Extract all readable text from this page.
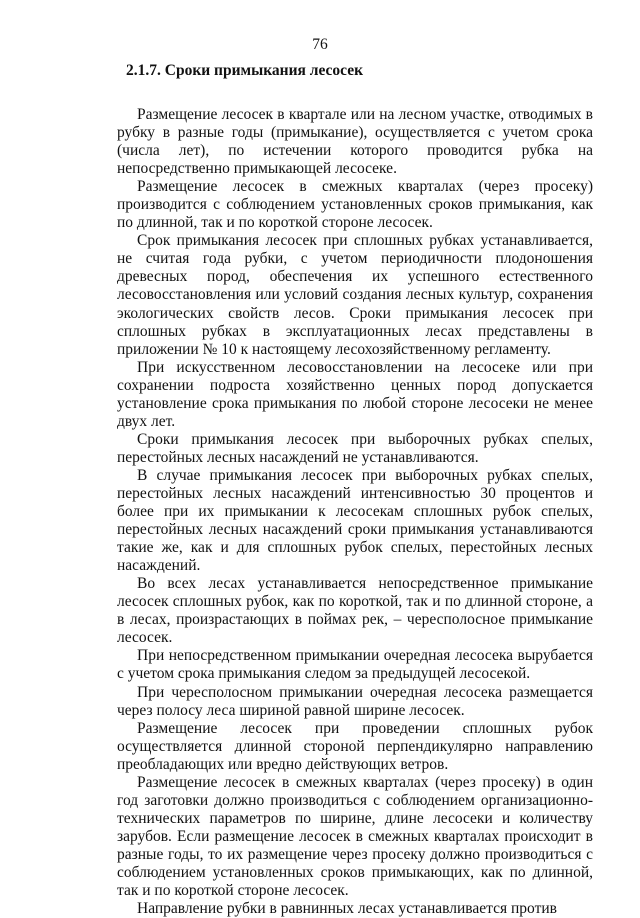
76
2.1.7. Сроки примыкания лесосек

Размещение лесосек в квартале или на лесном участке, отводимых в рубку в разные годы (примыкание), осуществляется с учетом срока (числа лет), по истечении которого проводится рубка на непосредственно примыкающей лесосеке.

Размещение лесосек в смежных кварталах (через просеку) производится с соблюдением установленных сроков примыкания, как по длинной, так и по короткой стороне лесосек.

Срок примыкания лесосек при сплошных рубках устанавливается, не считая года рубки, с учетом периодичности плодоношения древесных пород, обеспечения их успешного естественного лесовосстановления или условий создания лесных культур, сохранения экологических свойств лесов. Сроки примыкания лесосек при сплошных рубках в эксплуатационных лесах представлены в приложении № 10 к настоящему лесохозяйственному регламенту.

При искусственном лесовосстановлении на лесосеке или при сохранении подроста хозяйственно ценных пород допускается установление срока примыкания по любой стороне лесосеки не менее двух лет.

Сроки примыкания лесосек при выборочных рубках спелых, перестойных лесных насаждений не устанавливаются.

В случае примыкания лесосек при выборочных рубках спелых, перестойных лесных насаждений интенсивностью 30 процентов и более при их примыкании к лесосекам сплошных рубок спелых, перестойных лесных насаждений сроки примыкания устанавливаются такие же, как и для сплошных рубок спелых, перестойных лесных насаждений.

Во всех лесах устанавливается непосредственное примыкание лесосек сплошных рубок, как по короткой, так и по длинной стороне, а в лесах, произрастающих в поймах рек, – чересполосное примыкание лесосек.

При непосредственном примыкании очередная лесосека вырубается с учетом срока примыкания следом за предыдущей лесосекой.

При чересполосном примыкании очередная лесосека размещается через полосу леса шириной равной ширине лесосек.

Размещение лесосек при проведении сплошных рубок осуществляется длинной стороной перпендикулярно направлению преобладающих или вредно действующих ветров.

Размещение лесосек в смежных кварталах (через просеку) в один год заготовки должно производиться с соблюдением организационно-технических параметров по ширине, длине лесосеки и количеству зарубов. Если размещение лесосек в смежных кварталах происходит в разные годы, то их размещение через просеку должно производиться с соблюдением установленных сроков примыкающих, как по длинной, так и по короткой стороне лесосек.

Направление рубки в равнинных лесах устанавливается против
